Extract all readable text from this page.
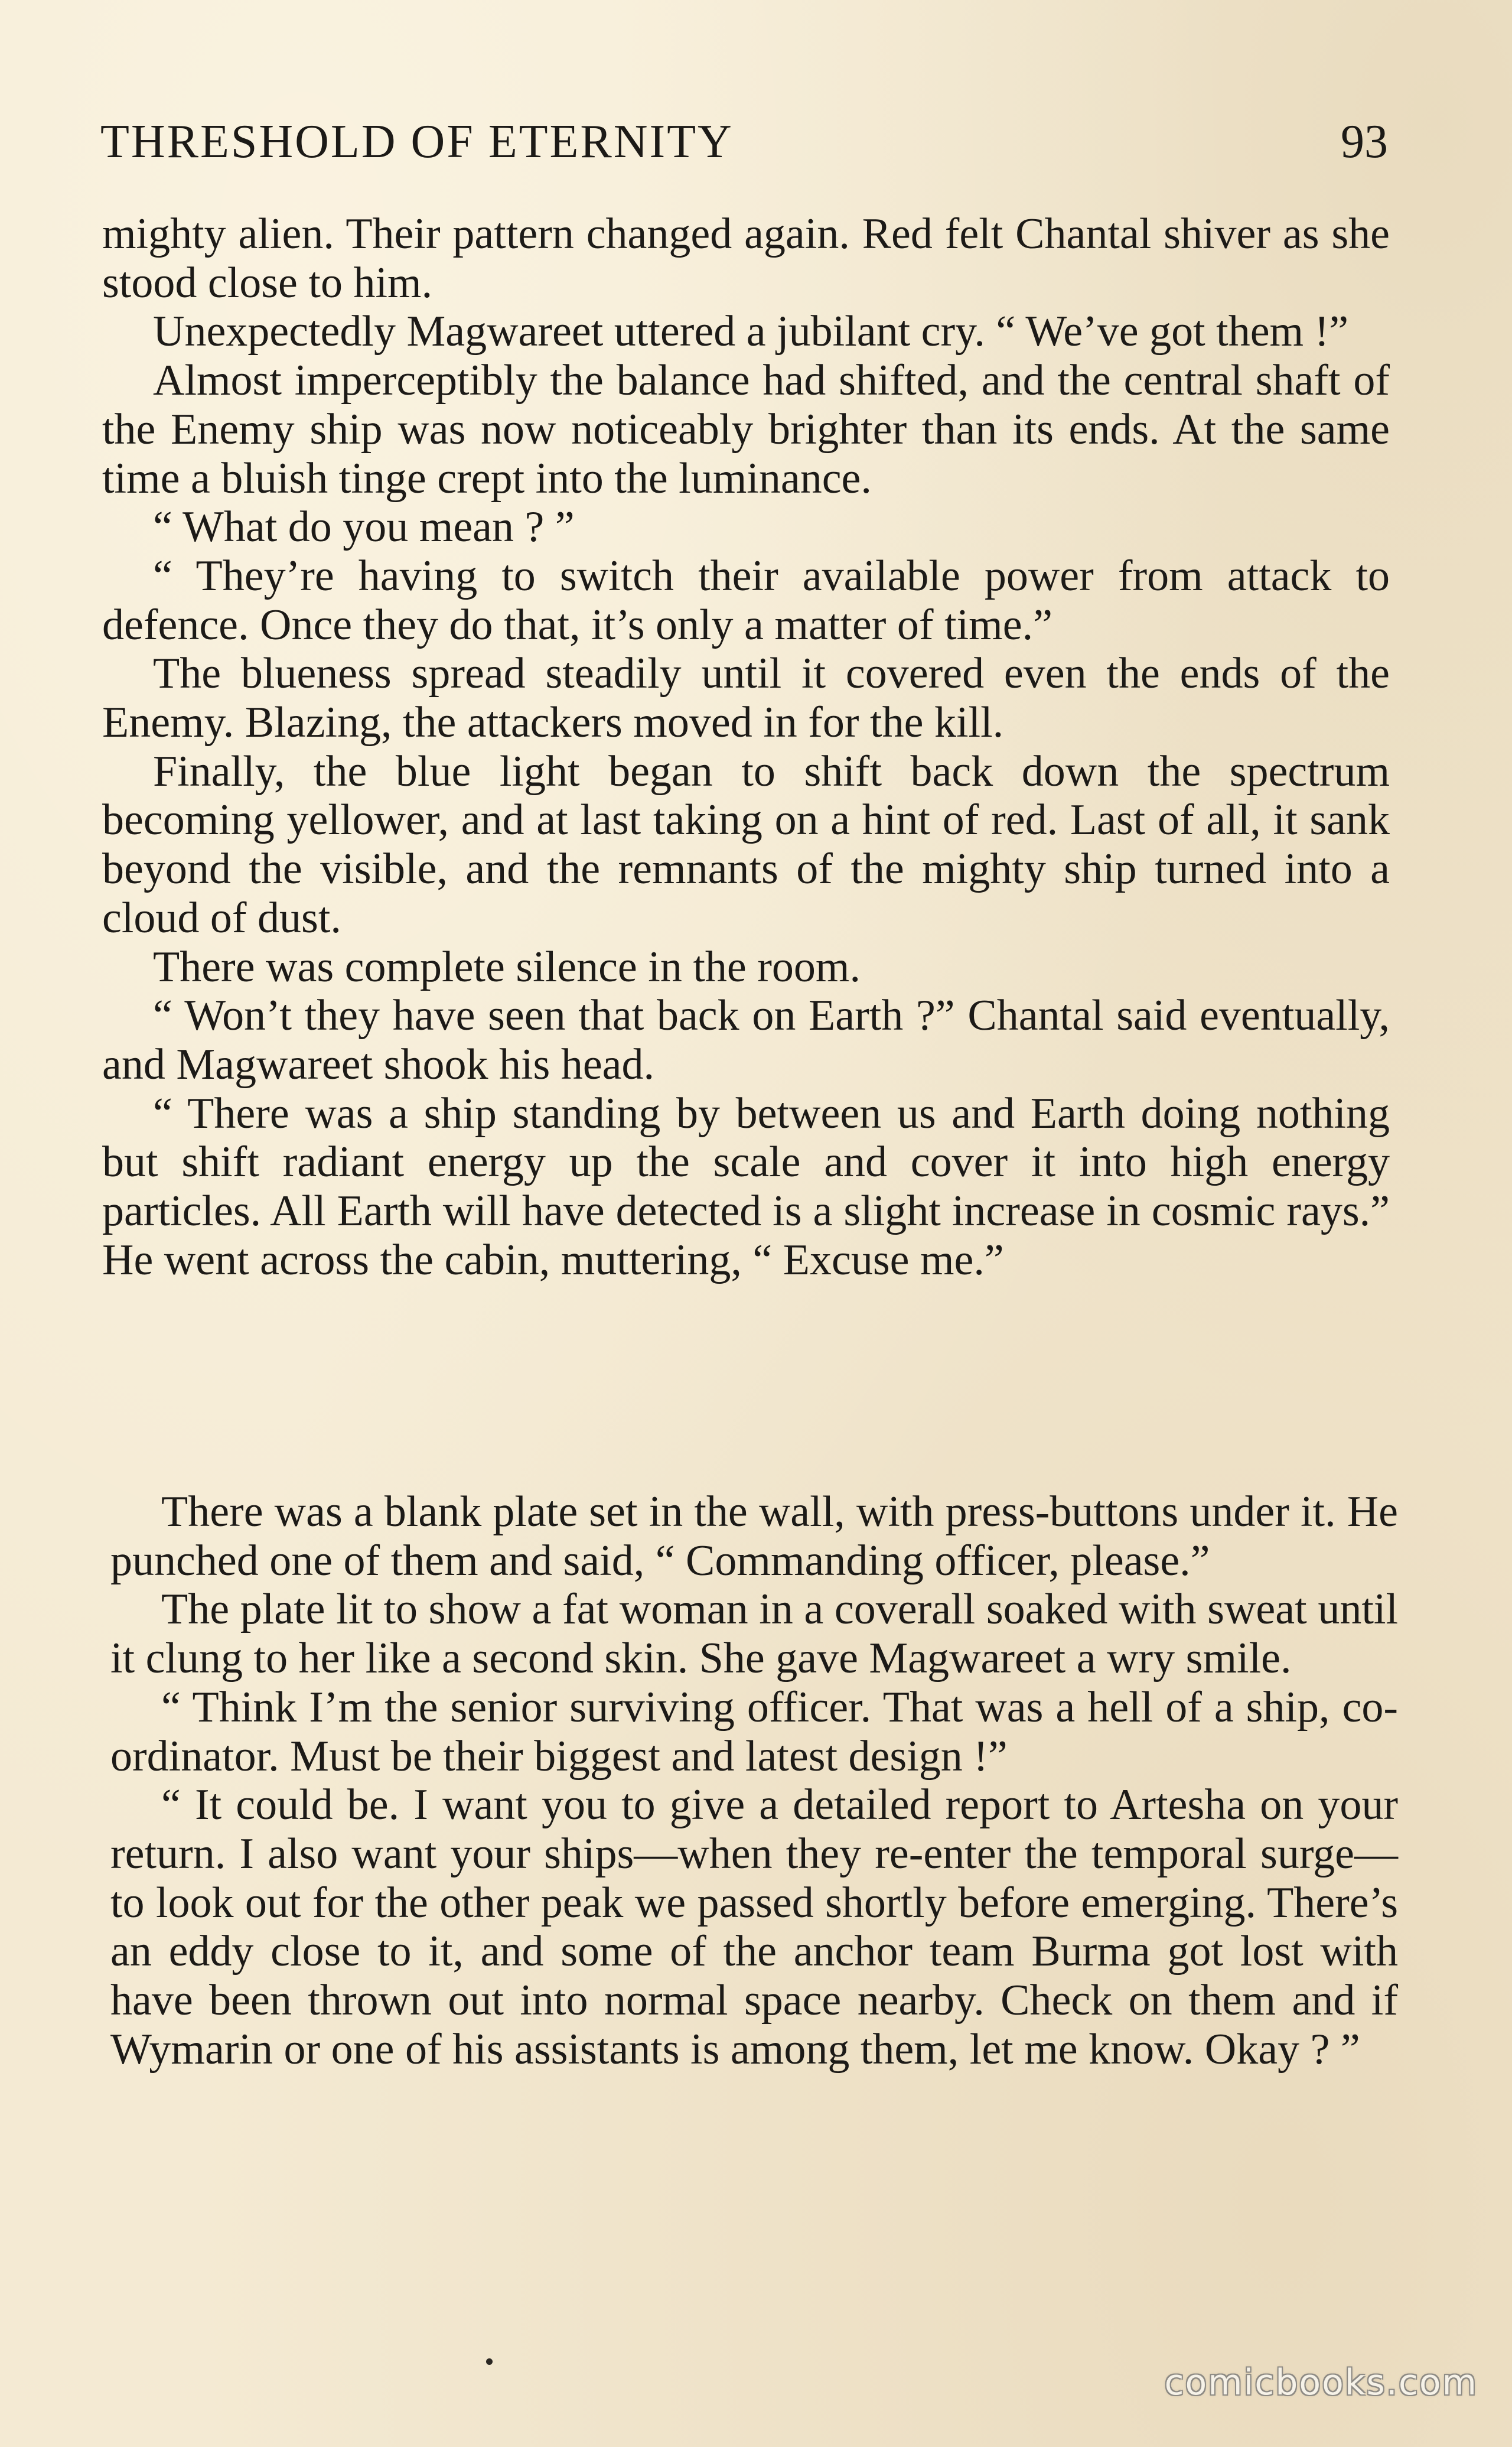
THRESHOLD OF ETERNITY	93

mighty alien. Their pattern changed again. Red felt Chantal shiver as she stood close to him.

Unexpectedly Magwareet uttered a jubilant cry. “ We’ve got them !”

Almost imperceptibly the balance had shifted, and the central shaft of the Enemy ship was now noticeably brighter than its ends. At the same time a bluish tinge crept into the luminance.

“ What do you mean ? ”

“ They’re having to switch their available power from attack to defence. Once they do that, it’s only a matter of time.”

The blueness spread steadily until it covered even the ends of the Enemy. Blazing, the attackers moved in for the kill.

Finally, the blue light began to shift back down the spectrum becoming yellower, and at last taking on a hint of red. Last of all, it sank beyond the visible, and the remnants of the mighty ship turned into a cloud of dust.

There was complete silence in the room.

“ Won’t they have seen that back on Earth ?” Chantal said eventually, and Magwareet shook his head.

“ There was a ship standing by between us and Earth doing nothing but shift radiant energy up the scale and cover it into high energy particles. All Earth will have detected is a slight increase in cosmic rays.” He went across the cabin, muttering, “ Excuse me.”

There was a blank plate set in the wall, with press-buttons under it. He punched one of them and said, “ Commanding officer, please.”

The plate lit to show a fat woman in a coverall soaked with sweat until it clung to her like a second skin. She gave Magwareet a wry smile.

“ Think I’m the senior surviving officer. That was a hell of a ship, co-ordinator. Must be their biggest and latest design !”

“ It could be. I want you to give a detailed report to Artesha on your return. I also want your ships—when they re-enter the temporal surge—to look out for the other peak we passed shortly before emerging. There’s an eddy close to it, and some of the anchor team Burma got lost with have been thrown out into normal space nearby. Check on them and if Wymarin or one of his assistants is among them, let me know. Okay ? ”

comicbooks.com
